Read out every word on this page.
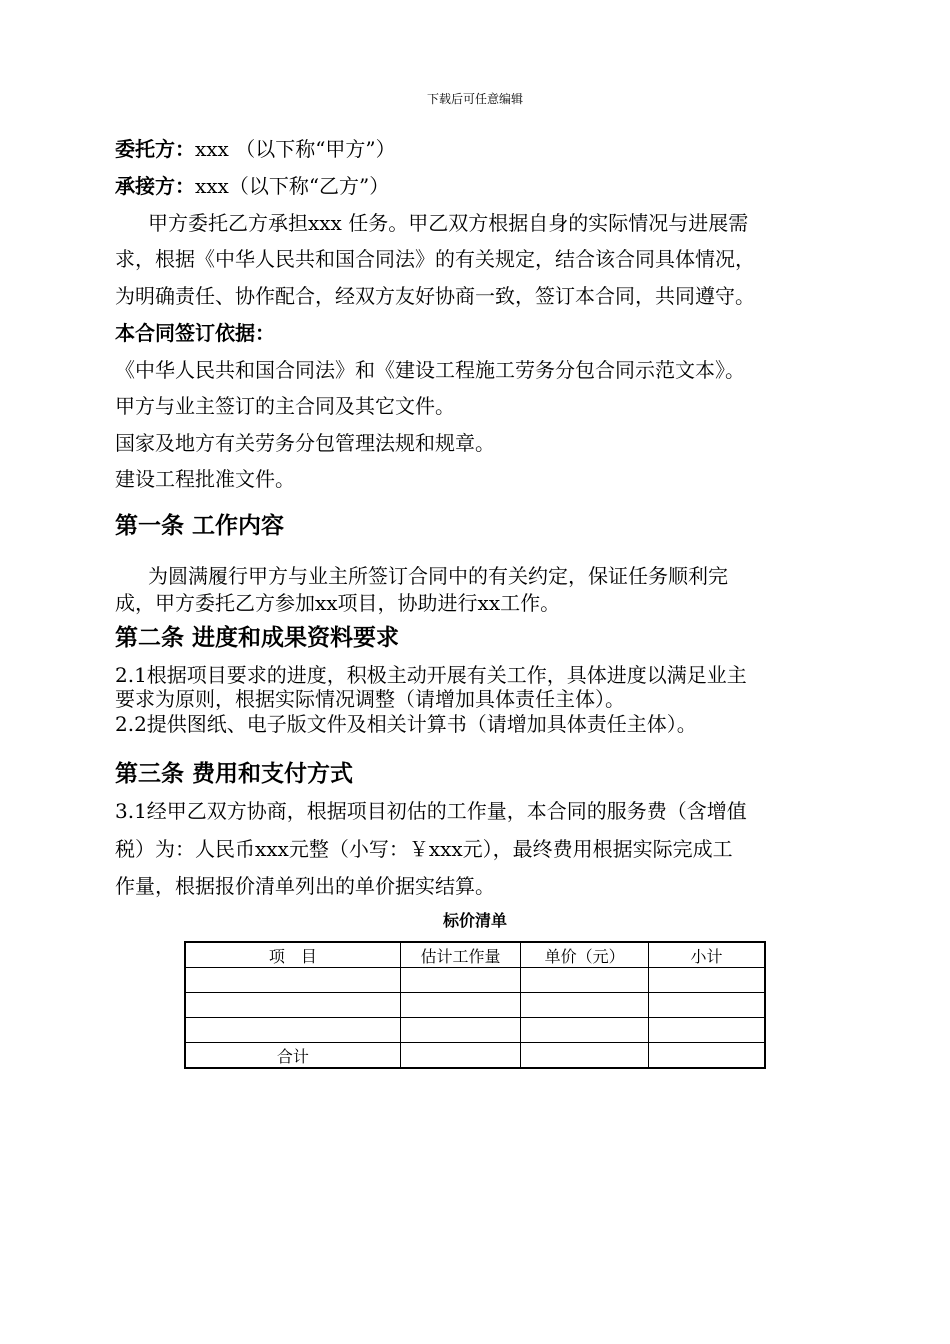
下载后可任意编辑
委托方：xxx （以下称“甲方”）
承接方：xxx（以下称“乙方”）
甲方委托乙方承担xxx 任务。甲乙双方根据自身的实际情况与进展需
求，根据《中华人民共和国合同法》的有关规定，结合该合同具体情况，
为明确责任、协作配合，经双方友好协商一致，签订本合同，共同遵守。
本合同签订依据：
《中华人民共和国合同法》和《建设工程施工劳务分包合同示范文本》。
甲方与业主签订的主合同及其它文件。
国家及地方有关劳务分包管理法规和规章。
建设工程批准文件。
第一条 工作内容
为圆满履行甲方与业主所签订合同中的有关约定，保证任务顺利完
成，甲方委托乙方参加xx项目，协助进行xx工作。
第二条 进度和成果资料要求
2.1根据项目要求的进度，积极主动开展有关工作，具体进度以满足业主
要求为原则，根据实际情况调整（请增加具体责任主体）。
2.2提供图纸、电子版文件及相关计算书（请增加具体责任主体）。
第三条 费用和支付方式
3.1经甲乙双方协商，根据项目初估的工作量，本合同的服务费（含增值
税）为：人民币xxx元整（小写：￥xxx元），最终费用根据实际完成工
作量，根据报价清单列出的单价据实结算。
标价清单
项　目	估计工作量	单价（元）	小计

合计			
